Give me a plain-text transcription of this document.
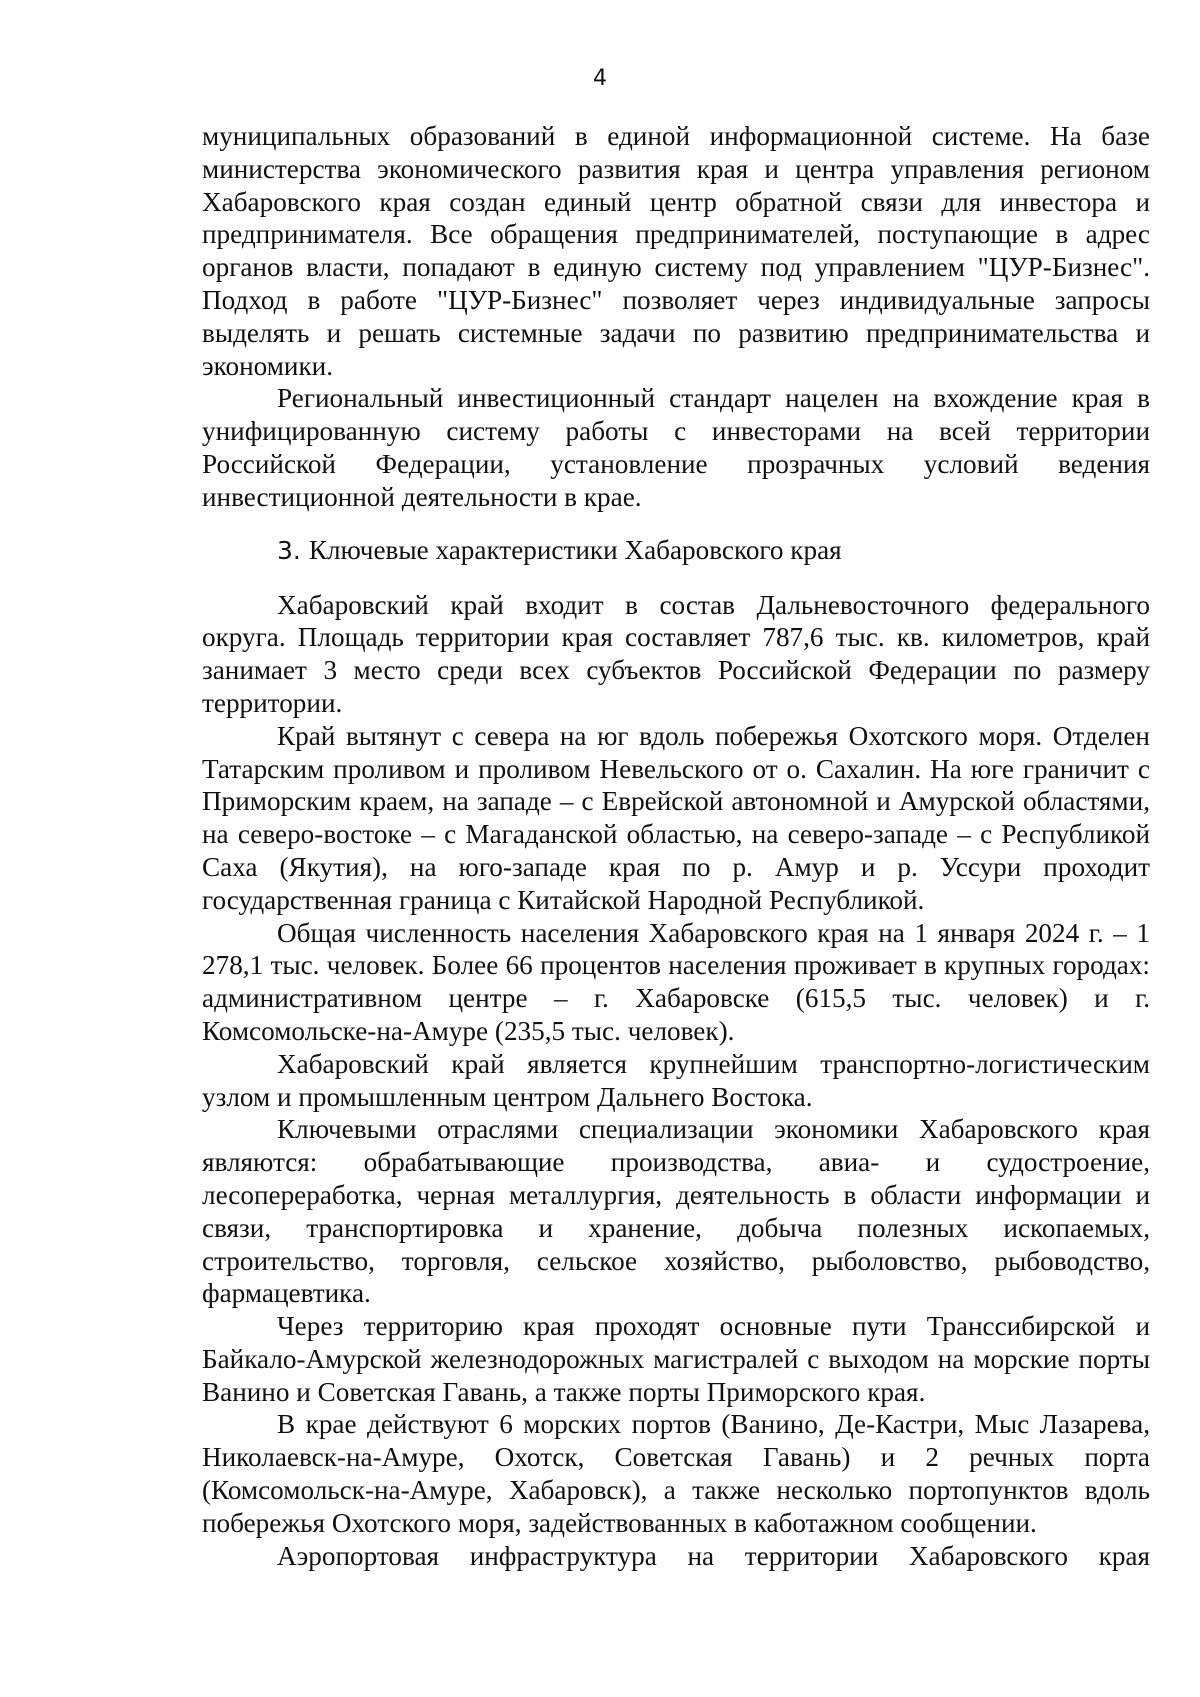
4

муниципальных образований в единой информационной системе. На базе министерства экономического развития края и центра управления регионом Хабаровского края создан единый центр обратной связи для инвестора и предпринимателя. Все обращения предпринимателей, поступающие в адрес органов власти, попадают в единую систему под управлением "ЦУР-Бизнес". Подход в работе "ЦУР-Бизнес" позволяет через индивидуальные запросы выделять и решать системные задачи по развитию предпринимательства и экономики.

Региональный инвестиционный стандарт нацелен на вхождение края в унифицированную систему работы с инвесторами на всей территории Российской Федерации, установление прозрачных условий ведения инвестиционной деятельности в крае.

3. Ключевые характеристики Хабаровского края

Хабаровский край входит в состав Дальневосточного федерального округа. Площадь территории края составляет 787,6 тыс. кв. километров, край занимает 3 место среди всех субъектов Российской Федерации по размеру территории.

Край вытянут с севера на юг вдоль побережья Охотского моря. Отделен Татарским проливом и проливом Невельского от о. Сахалин. На юге граничит с Приморским краем, на западе – с Еврейской автономной и Амурской областями, на северо-востоке – с Магаданской областью, на северо-западе – с Республикой Саха (Якутия), на юго-западе края по р. Амур и р. Уссури проходит государственная граница с Китайской Народной Республикой.

Общая численность населения Хабаровского края на 1 января 2024 г. – 1 278,1 тыс. человек. Более 66 процентов населения проживает в крупных городах: административном центре – г. Хабаровске (615,5 тыс. человек) и г. Комсомольске-на-Амуре (235,5 тыс. человек).

Хабаровский край является крупнейшим транспортно-логистическим узлом и промышленным центром Дальнего Востока.

Ключевыми отраслями специализации экономики Хабаровского края являются: обрабатывающие производства, авиа- и судостроение, лесопереработка, черная металлургия, деятельность в области информации и связи, транспортировка и хранение, добыча полезных ископаемых, строительство, торговля, сельское хозяйство, рыболовство, рыбоводство, фармацевтика.

Через территорию края проходят основные пути Транссибирской и Байкало-Амурской железнодорожных магистралей с выходом на морские порты Ванино и Советская Гавань, а также порты Приморского края.

В крае действуют 6 морских портов (Ванино, Де-Кастри, Мыс Лазарева, Николаевск-на-Амуре, Охотск, Советская Гавань) и 2 речных порта (Комсомольск-на-Амуре, Хабаровск), а также несколько портопунктов вдоль побережья Охотского моря, задействованных в каботажном сообщении.

Аэропортовая инфраструктура на территории Хабаровского края
